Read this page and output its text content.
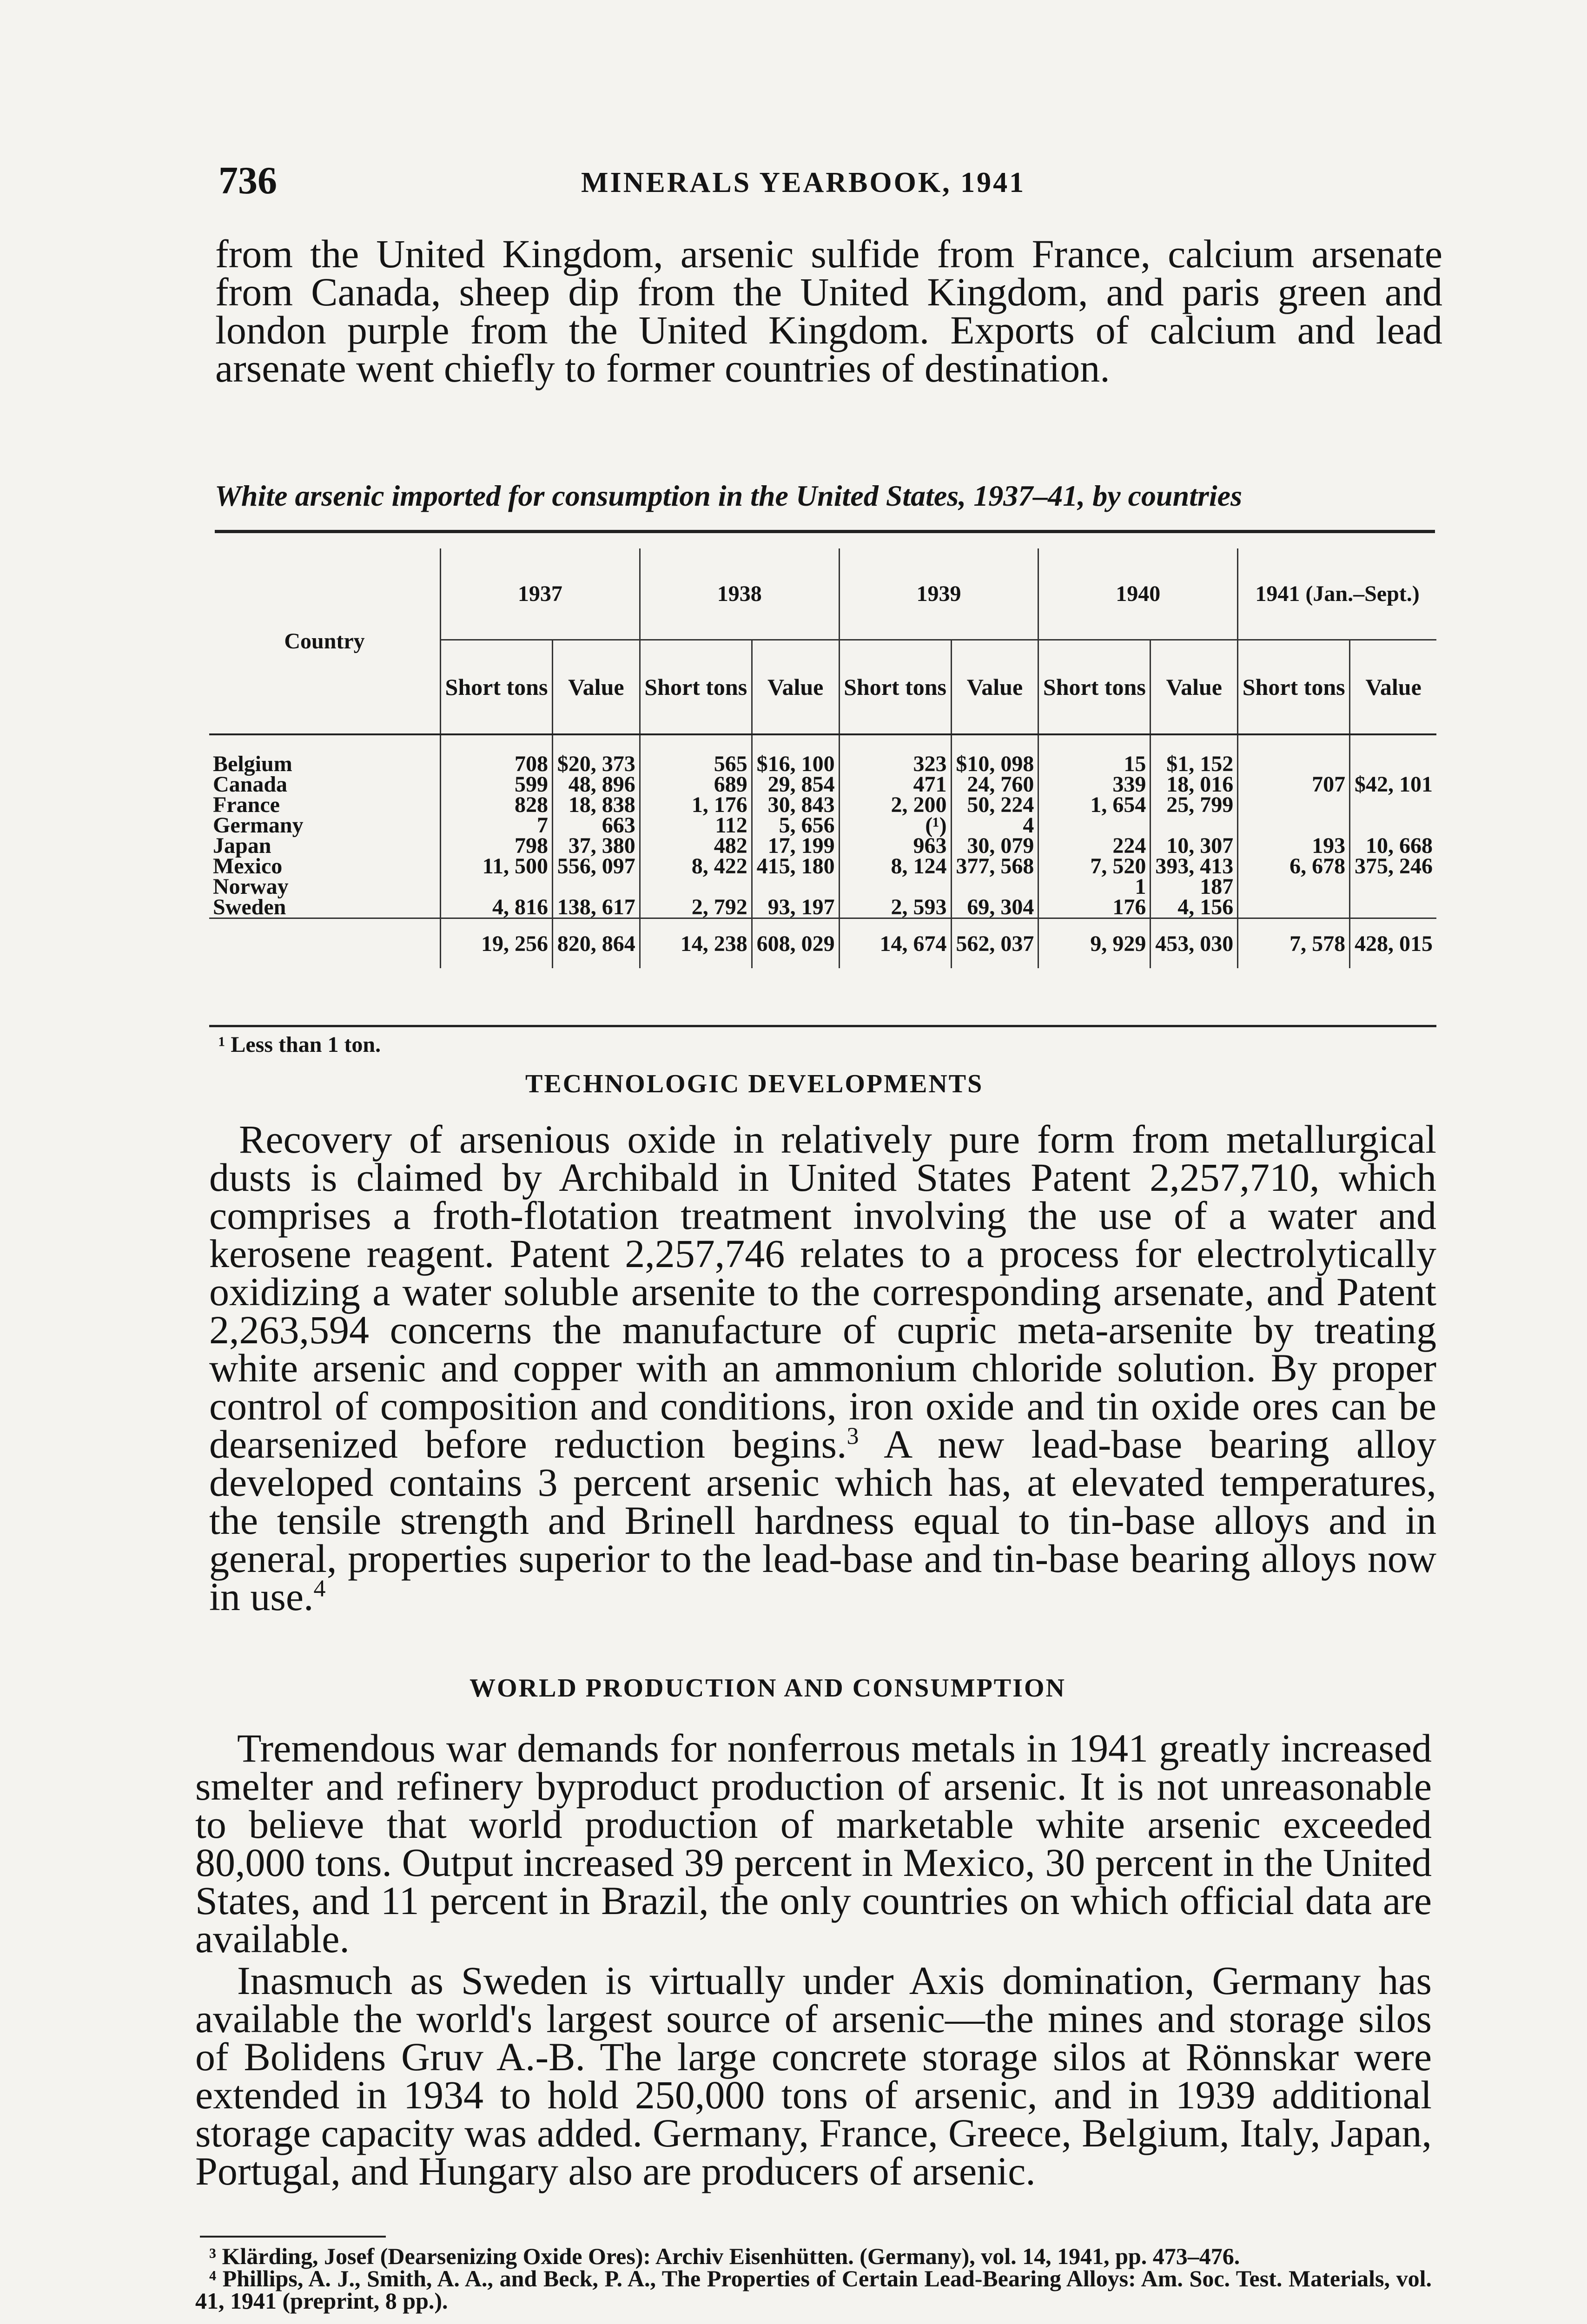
736	MINERALS YEARBOOK, 1941

from the United Kingdom, arsenic sulfide from France, calcium arsenate from Canada, sheep dip from the United Kingdom, and paris green and london purple from the United Kingdom. Exports of calcium and lead arsenate went chiefly to former countries of destination.

White arsenic imported for consumption in the United States, 1937–41, by countries
Country	1937		1938		1939		1940		1941 (Jan.–Sept.)	
	Short tons	Value	Short tons	Value	Short tons	Value	Short tons	Value	Short tons	Value
Belgium	708	$20, 373	565	$16, 100	323	$10, 098	15	$1, 152		
Canada	599	48, 896	689	29, 854	471	24, 760	339	18, 016	707	$42, 101
France	828	18, 838	1, 176	30, 843	2, 200	50, 224	1, 654	25, 799		
Germany	7	663	112	5, 656	(¹)	4				
Japan	798	37, 380	482	17, 199	963	30, 079	224	10, 307	193	10, 668
Mexico	11, 500	556, 097	8, 422	415, 180	8, 124	377, 568	7, 520	393, 413	6, 678	375, 246
Norway							1	187		
Sweden	4, 816	138, 617	2, 792	93, 197	2, 593	69, 304	176	4, 156		
	19, 256	820, 864	14, 238	608, 029	14, 674	562, 037	9, 929	453, 030	7, 578	428, 015
¹ Less than 1 ton.
TECHNOLOGIC DEVELOPMENTS

Recovery of arsenious oxide in relatively pure form from metallurgical dusts is claimed by Archibald in United States Patent 2,257,710, which comprises a froth-flotation treatment involving the use of a water and kerosene reagent. Patent 2,257,746 relates to a process for electrolytically oxidizing a water soluble arsenite to the corresponding arsenate, and Patent 2,263,594 concerns the manufacture of cupric meta-arsenite by treating white arsenic and copper with an ammonium chloride solution. By proper control of composition and conditions, iron oxide and tin oxide ores can be dearsenized before reduction begins.$^3$ A new lead-base bearing alloy developed contains 3 percent arsenic which has, at elevated temperatures, the tensile strength and Brinell hardness equal to tin-base alloys and in general, properties superior to the lead-base and tin-base bearing alloys now in use.$^4$

WORLD PRODUCTION AND CONSUMPTION

Tremendous war demands for nonferrous metals in 1941 greatly increased smelter and refinery byproduct production of arsenic. It is not unreasonable to believe that world production of marketable white arsenic exceeded 80,000 tons. Output increased 39 percent in Mexico, 30 percent in the United States, and 11 percent in Brazil, the only countries on which official data are available.

Inasmuch as Sweden is virtually under Axis domination, Germany has available the world's largest source of arsenic—the mines and storage silos of Bolidens Gruv A.-B. The large concrete storage silos at Rönnskar were extended in 1934 to hold 250,000 tons of arsenic, and in 1939 additional storage capacity was added. Germany, France, Greece, Belgium, Italy, Japan, Portugal, and Hungary also are producers of arsenic.

³ Klärding, Josef (Dearsenizing Oxide Ores): Archiv Eisenhütten. (Germany), vol. 14, 1941, pp. 473–476.

⁴ Phillips, A. J., Smith, A. A., and Beck, P. A., The Properties of Certain Lead-Bearing Alloys: Am. Soc. Test. Materials, vol. 41, 1941 (preprint, 8 pp.).
